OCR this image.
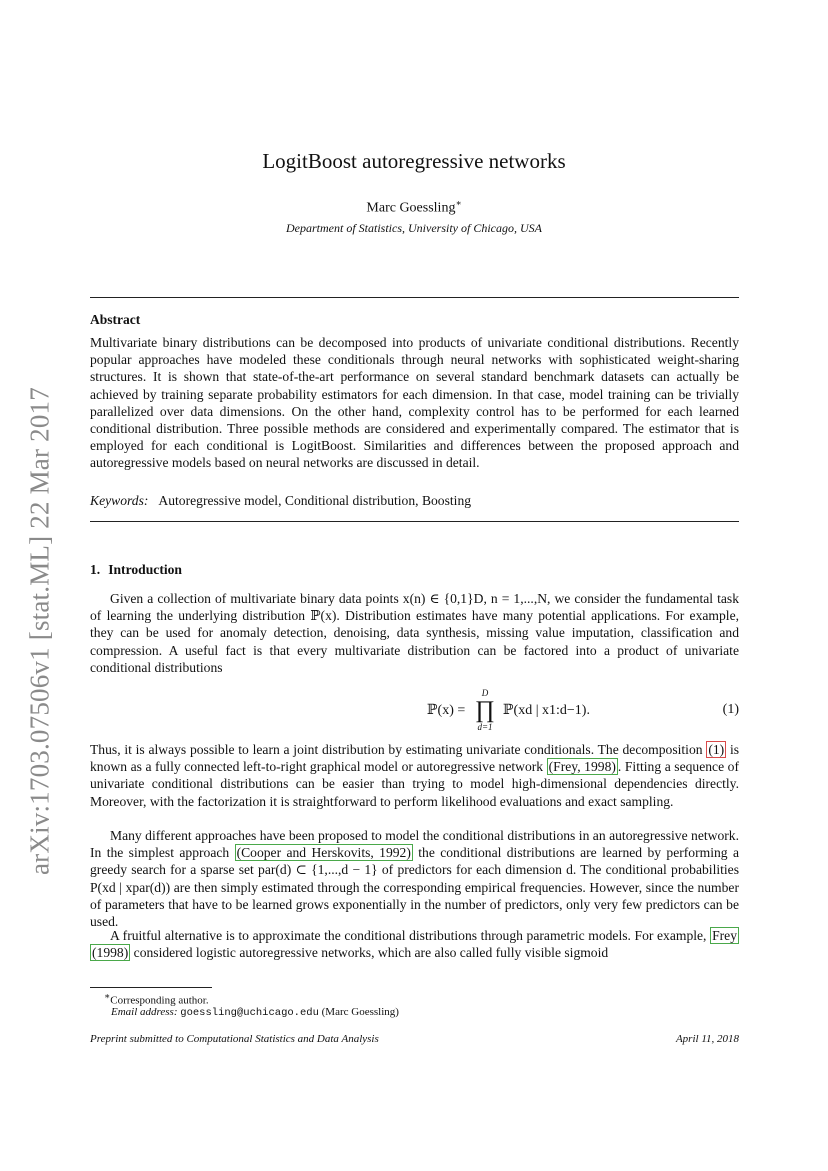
arXiv:1703.07506v1 [stat.ML] 22 Mar 2017
LogitBoost autoregressive networks
Marc Goessling∗
Department of Statistics, University of Chicago, USA
Abstract
Multivariate binary distributions can be decomposed into products of univariate conditional distributions. Recently popular approaches have modeled these conditionals through neural networks with sophisticated weight-sharing structures. It is shown that state-of-the-art performance on several standard benchmark datasets can actually be achieved by training separate probability estimators for each dimension. In that case, model training can be trivially parallelized over data dimensions. On the other hand, complexity control has to be performed for each learned conditional distribution. Three possible methods are considered and experimentally compared. The estimator that is employed for each conditional is LogitBoost. Similarities and differences between the proposed approach and autoregressive models based on neural networks are discussed in detail.
Keywords: Autoregressive model, Conditional distribution, Boosting
1. Introduction

Given a collection of multivariate binary data points x(n) ∈ {0,1}D, n = 1,...,N, we consider the fundamental task of learning the underlying distribution ℙ(x). Distribution estimates have many potential applications. For example, they can be used for anomaly detection, denoising, data synthesis, missing value imputation, classification and compression. A useful fact is that every multivariate distribution can be factored into a product of univariate conditional distributions

ℙ(x) =
D
∏
d=1
ℙ(xd | x1:d−1).	(1)

Thus, it is always possible to learn a joint distribution by estimating univariate conditionals. The decomposition (1) is known as a fully connected left-to-right graphical model or autoregressive network (Frey, 1998) . Fitting a sequence of univariate conditional distributions can be easier than trying to model high-dimensional dependencies directly. Moreover, with the factorization it is straightforward to perform likelihood evaluations and exact sampling.

Many different approaches have been proposed to model the conditional distributions in an autoregressive network. In the simplest approach (Cooper and Herskovits, 1992) the conditional distributions are learned by performing a greedy search for a sparse set par(d) ⊂ {1,...,d − 1} of predictors for each dimension d. The conditional probabilities P(xd | xpar(d)) are then simply estimated through the corresponding empirical frequencies. However, since the number of parameters that have to be learned grows exponentially in the number of predictors, only very few predictors can be used.

A fruitful alternative is to approximate the conditional distributions through parametric models. For example, Frey (1998) considered logistic autoregressive networks, which are also called fully visible sigmoid

∗Corresponding author.
Email address: goessling@uchicago.edu (Marc Goessling)
Preprint submitted to Computational Statistics and Data Analysis	April 11, 2018
